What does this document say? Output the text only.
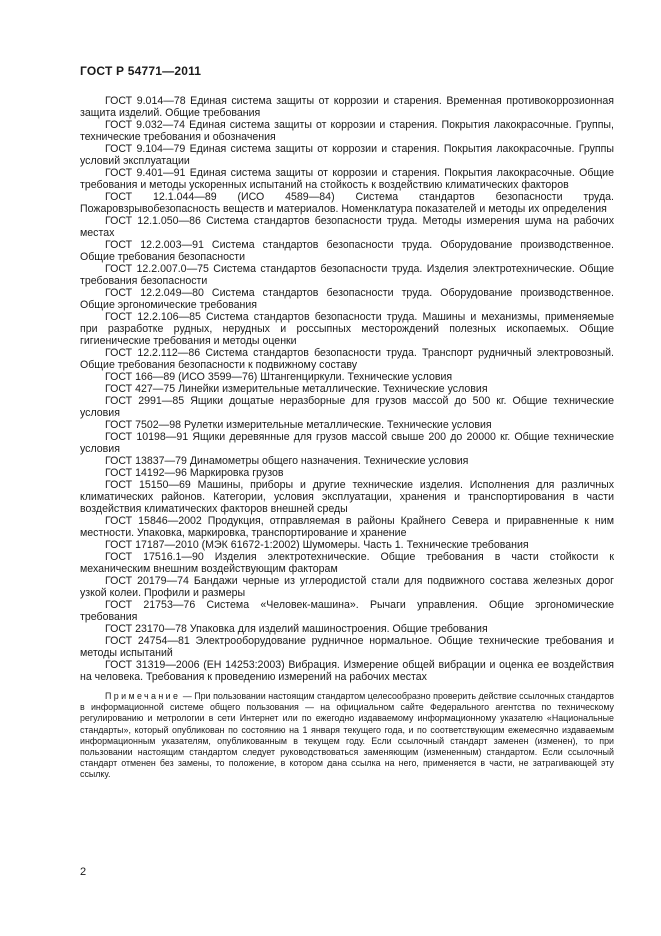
ГОСТ Р 54771—2011

ГОСТ 9.014—78 Единая система защиты от коррозии и старения. Временная противокоррозионная защита изделий. Общие требования

ГОСТ 9.032—74 Единая система защиты от коррозии и старения. Покрытия лакокрасочные. Группы, технические требования и обозначения

ГОСТ 9.104—79 Единая система защиты от коррозии и старения. Покрытия лакокрасочные. Группы условий эксплуатации

ГОСТ 9.401—91 Единая система защиты от коррозии и старения. Покрытия лакокрасочные. Общие требования и методы ускоренных испытаний на стойкость к воздействию климатических факторов

ГОСТ 12.1.044—89 (ИСО 4589—84) Система стандартов безопасности труда. Пожаровзрывобезопасность веществ и материалов. Номенклатура показателей и методы их определения

ГОСТ 12.1.050—86 Система стандартов безопасности труда. Методы измерения шума на рабочих местах

ГОСТ 12.2.003—91 Система стандартов безопасности труда. Оборудование производственное. Общие требования безопасности

ГОСТ 12.2.007.0—75 Система стандартов безопасности труда. Изделия электротехнические. Общие требования безопасности

ГОСТ 12.2.049—80 Система стандартов безопасности труда. Оборудование производственное. Общие эргономические требования

ГОСТ 12.2.106—85 Система стандартов безопасности труда. Машины и механизмы, применяемые при разработке рудных, нерудных и россыпных месторождений полезных ископаемых. Общие гигиенические требования и методы оценки

ГОСТ 12.2.112—86 Система стандартов безопасности труда. Транспорт рудничный электровозный. Общие требования безопасности к подвижному составу

ГОСТ 166—89 (ИСО 3599—76) Штангенциркули. Технические условия

ГОСТ 427—75 Линейки измерительные металлические. Технические условия

ГОСТ 2991—85 Ящики дощатые неразборные для грузов массой до 500 кг. Общие технические условия

ГОСТ 7502—98 Рулетки измерительные металлические. Технические условия

ГОСТ 10198—91 Ящики деревянные для грузов массой свыше 200 до 20000 кг. Общие технические условия

ГОСТ 13837—79 Динамометры общего назначения. Технические условия

ГОСТ 14192—96 Маркировка грузов

ГОСТ 15150—69 Машины, приборы и другие технические изделия. Исполнения для различных климатических районов. Категории, условия эксплуатации, хранения и транспортирования в части воздействия климатических факторов внешней среды

ГОСТ 15846—2002 Продукция, отправляемая в районы Крайнего Севера и приравненные к ним местности. Упаковка, маркировка, транспортирование и хранение

ГОСТ 17187—2010 (МЭК 61672-1:2002) Шумомеры. Часть 1. Технические требования

ГОСТ 17516.1—90 Изделия электротехнические. Общие требования в части стойкости к механическим внешним воздействующим факторам

ГОСТ 20179—74 Бандажи черные из углеродистой стали для подвижного состава железных дорог узкой колеи. Профили и размеры

ГОСТ 21753—76 Система «Человек-машина». Рычаги управления. Общие эргономические требования

ГОСТ 23170—78 Упаковка для изделий машиностроения. Общие требования

ГОСТ 24754—81 Электрооборудование рудничное нормальное. Общие технические требования и методы испытаний

ГОСТ 31319—2006 (ЕН 14253:2003) Вибрация. Измерение общей вибрации и оценка ее воздействия на человека. Требования к проведению измерений на рабочих местах

Примечание — При пользовании настоящим стандартом целесообразно проверить действие ссылочных стандартов в информационной системе общего пользования — на официальном сайте Федерального агентства по техническому регулированию и метрологии в сети Интернет или по ежегодно издаваемому информационному указателю «Национальные стандарты», который опубликован по состоянию на 1 января текущего года, и по соответствующим ежемесячно издаваемым информационным указателям, опубликованным в текущем году. Если ссылочный стандарт заменен (изменен), то при пользовании настоящим стандартом следует руководствоваться заменяющим (измененным) стандартом. Если ссылочный стандарт отменен без замены, то положение, в котором дана ссылка на него, применяется в части, не затрагивающей эту ссылку.

2
